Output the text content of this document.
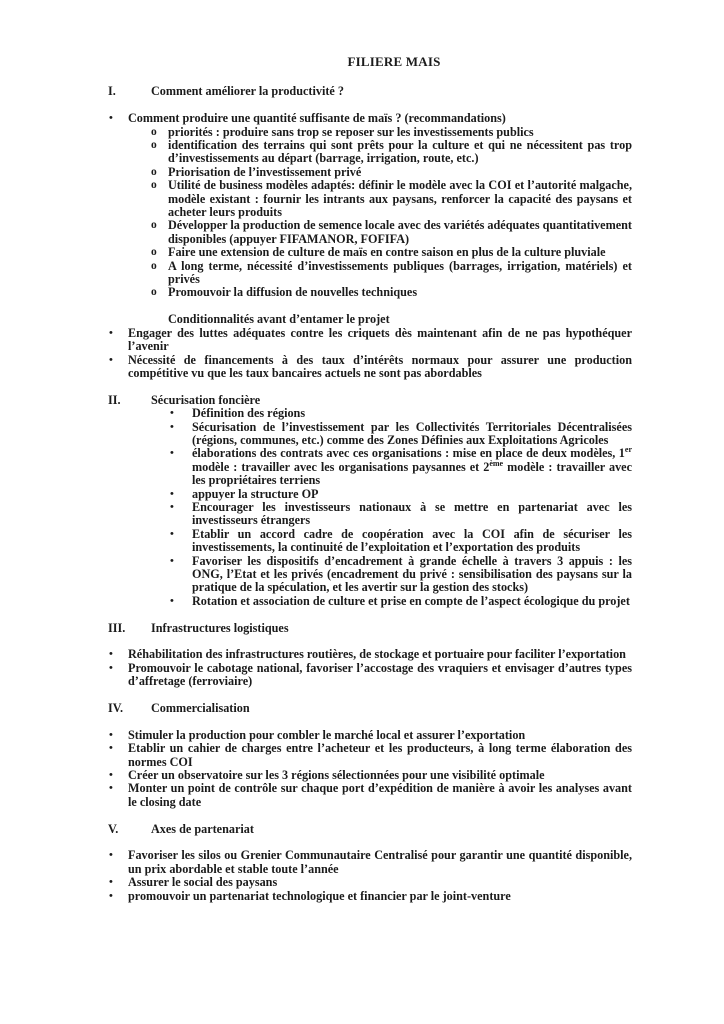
FILIERE MAIS
I.	Comment améliorer la productivité ?
• Comment produire une quantité suffisante de maïs ? (recommandations)
o priorités : produire sans trop se reposer sur les investissements publics
o identification des terrains qui sont prêts pour la culture et qui ne nécessitent pas trop d’investissements au départ (barrage, irrigation, route, etc.)
o Priorisation de l’investissement privé
o Utilité de business modèles adaptés: définir le modèle avec la COI et l’autorité malgache, modèle existant : fournir les intrants aux paysans, renforcer la capacité des paysans et acheter leurs produits
o Développer la production de semence locale avec des variétés adéquates quantitativement disponibles (appuyer FIFAMANOR, FOFIFA)
o Faire une extension de culture de maïs en contre saison en plus de la culture pluviale
o A long terme, nécessité d’investissements publiques (barrages, irrigation, matériels) et privés
o Promouvoir la diffusion de nouvelles techniques
Conditionnalités avant d’entamer le projet
• Engager des luttes adéquates contre les criquets dès maintenant afin de ne pas hypothéquer l’avenir
• Nécessité de financements à des taux d’intérêts normaux pour assurer une production compétitive vu que les taux bancaires actuels ne sont pas abordables
II.	Sécurisation foncière
• Définition des régions
• Sécurisation de l’investissement par les Collectivités Territoriales Décentralisées (régions, communes, etc.) comme des Zones Définies aux Exploitations Agricoles
• élaborations des contrats avec ces organisations : mise en place de deux modèles, 1er modèle : travailler avec les organisations paysannes et 2ème modèle : travailler avec les propriétaires terriens
• appuyer la structure OP
• Encourager les investisseurs nationaux à se mettre en partenariat avec les investisseurs étrangers
• Etablir un accord cadre de coopération avec la COI afin de sécuriser les investissements, la continuité de l’exploitation et l’exportation des produits
• Favoriser les dispositifs d’encadrement à grande échelle à travers 3 appuis : les ONG, l’Etat et les privés (encadrement du privé : sensibilisation des paysans sur la pratique de la spéculation, et les avertir sur la gestion des stocks)
• Rotation et association de culture et prise en compte de l’aspect écologique du projet
III.	Infrastructures logistiques
• Réhabilitation des infrastructures routières, de stockage et portuaire pour faciliter l’exportation
• Promouvoir le cabotage national, favoriser l’accostage des vraquiers et envisager d’autres types d’affretage (ferroviaire)
IV.	Commercialisation
• Stimuler la production pour combler le marché local et assurer l’exportation
• Etablir un cahier de charges entre l’acheteur et les producteurs, à long terme élaboration des normes COI
• Créer un observatoire sur les 3 régions sélectionnées pour une visibilité optimale
• Monter un point de contrôle sur chaque port d’expédition de manière à avoir les analyses avant le closing date
V.	Axes de partenariat
• Favoriser les silos ou Grenier Communautaire Centralisé pour garantir une quantité disponible, un prix abordable et stable toute l’année
• Assurer le social des paysans
• promouvoir un partenariat technologique et financier par le joint-venture
